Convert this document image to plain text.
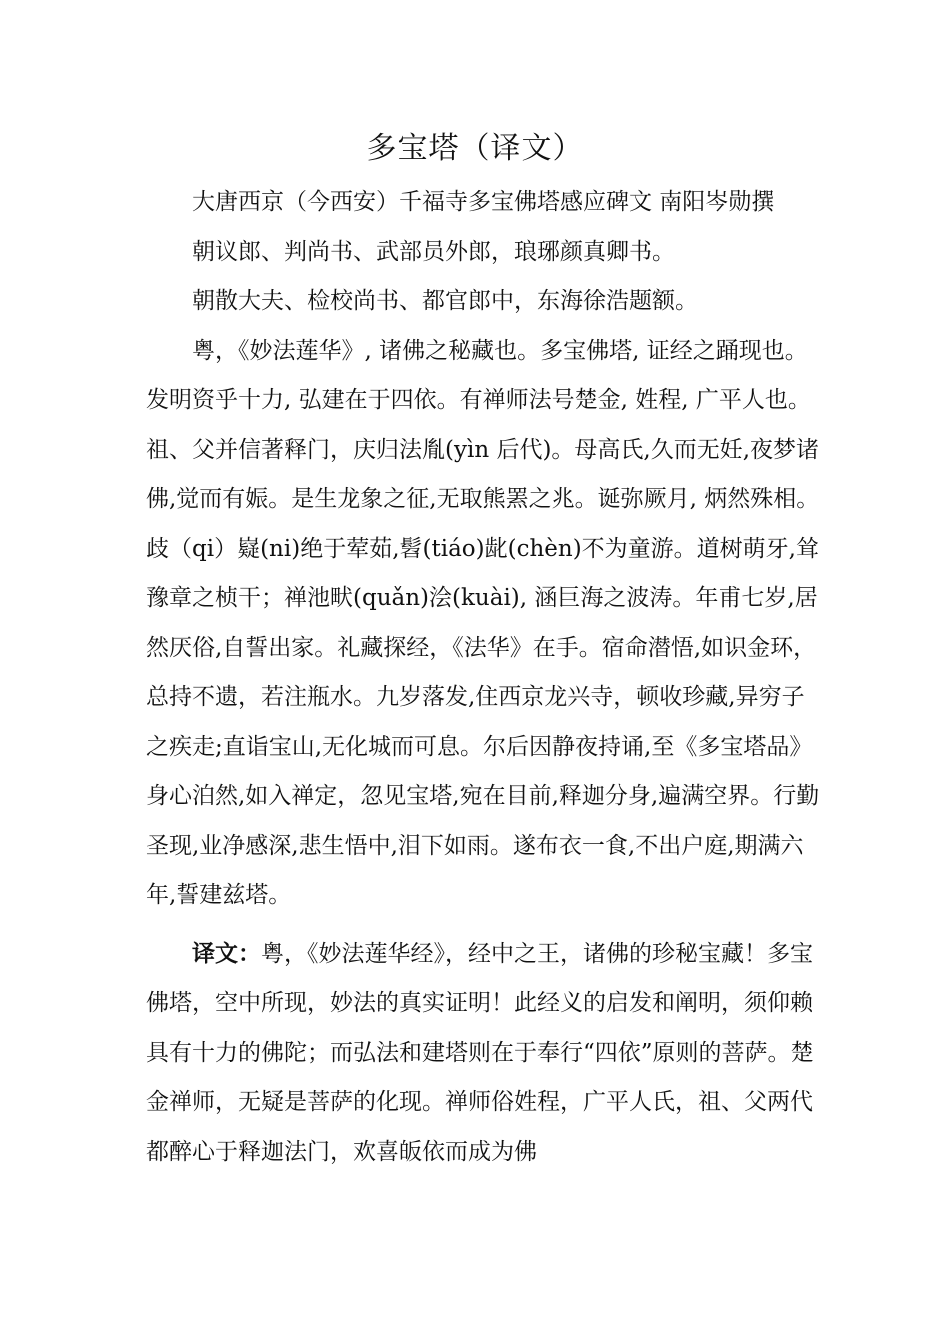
多宝塔（译文）

大唐西京（今西安）千福寺多宝佛塔感应碑文 南阳岑勋撰

朝议郎、判尚书、武部员外郎，琅琊颜真卿书。

朝散大夫、检校尚书、都官郎中，东海徐浩题额。

粤，《妙法莲华》, 诸佛之秘藏也。多宝佛塔, 证经之踊现也。发明资乎十力, 弘建在于四依。有禅师法号楚金, 姓程, 广平人也。祖、父并信著释门，庆归法胤(yìn 后代)。母高氏,久而无妊,夜梦诸佛,觉而有娠。是生龙象之征,无取熊罴之兆。诞弥厥月, 炳然殊相。歧（qi）嶷(ni)绝于荤茹,髫(tiáo)龀(chèn)不为童游。道树萌牙,耸豫章之桢干；禅池畎(quǎn)浍(kuài), 涵巨海之波涛。年甫七岁,居然厌俗,自誓出家。礼藏探经，《法华》在手。宿命潜悟,如识金环，总持不遗，若注瓶水。九岁落发,住西京龙兴寺，顿收珍藏,异穷子之疾走;直诣宝山,无化城而可息。尔后因静夜持诵,至《多宝塔品》身心泊然,如入禅定，忽见宝塔,宛在目前,释迦分身,遍满空界。行勤圣现,业净感深,悲生悟中,泪下如雨。遂布衣一食,不出户庭,期满六年,誓建兹塔。

译文：粤，《妙法莲华经》，经中之王，诸佛的珍秘宝藏！多宝佛塔，空中所现，妙法的真实证明！此经义的启发和阐明，须仰赖具有十力的佛陀；而弘法和建塔则在于奉行“四依”原则的菩萨。楚金禅师，无疑是菩萨的化现。禅师俗姓程，广平人氏，祖、父两代都醉心于释迦法门，欢喜皈依而成为佛
